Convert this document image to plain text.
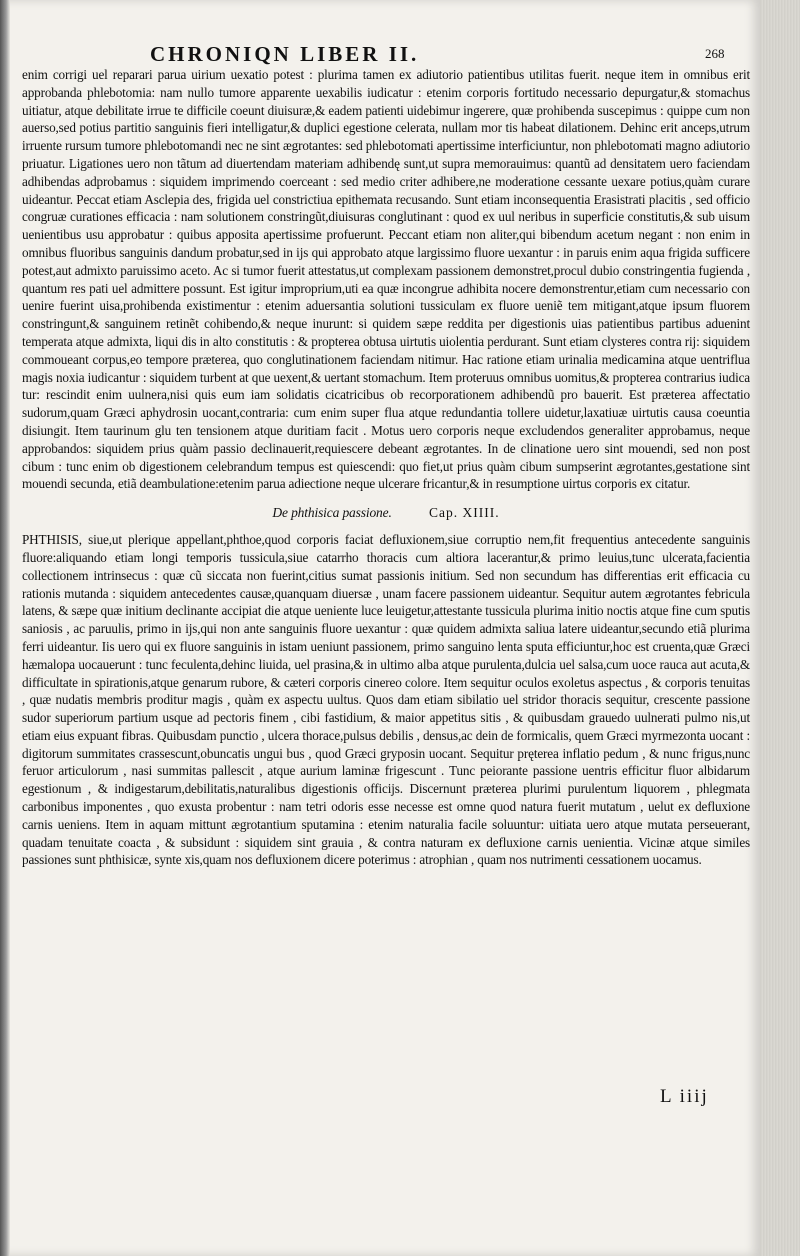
CHRONIQN LIBER II.	268

enim corrigi uel reparari parua uirium uexatio potest : plurima tamen ex adiutorio patientibus utilitas fuerit. neque item in omnibus erit approbanda phlebotomia: nam nullo tumore apparente uexabilis iudicatur : etenim corporis fortitudo necessario depurgatur,& stomachus uitiatur, atque debilitate irrue te difficile coeunt diuisuræ,& eadem patienti uidebimur ingerere, quæ prohibenda suscepimus : quippe cum non auerso,sed potius partitio sanguinis fieri intelligatur,& duplici egestione celerata, nullam mor tis habeat dilationem. Dehinc erit anceps,utrum irruente rursum tumore phlebotomandi nec ne sint ægrotantes: sed phlebotomati apertissime interficiuntur, non phlebotomati magno adiutorio priuatur. Ligationes uero non tãtum ad diuertendam materiam adhibendę sunt,ut supra memorauimus: quantũ ad densitatem uero faciendam adhibendas adprobamus : siquidem imprimendo coerceant : sed medio criter adhibere,ne moderatione cessante uexare potius,quàm curare uideantur. Peccat etiam Asclepia des, frigida uel constrictiua epithemata recusando. Sunt etiam inconsequentia Erasistrati placitis , sed officio congruæ curationes efficacia : nam solutionem constringũt,diuisuras conglutinant : quod ex uul neribus in superficie constitutis,& sub uisum uenientibus usu approbatur : quibus apposita apertissime profuerunt. Peccant etiam non aliter,qui bibendum acetum negant : non enim in omnibus fluoribus sanguinis dandum probatur,sed in ijs qui approbato atque largissimo fluore uexantur : in paruis enim aqua frigida sufficere potest,aut admixto paruissimo aceto. Ac si tumor fuerit attestatus,ut complexam passionem demonstret,procul dubio constringentia fugienda , quantum res pati uel admittere possunt. Est igitur improprium,uti ea quæ incongrue adhibita nocere demonstrentur,etiam cum necessario con uenire fuerint uisa,prohibenda existimentur : etenim aduersantia solutioni tussiculam ex fluore ueniẽ tem mitigant,atque ipsum fluorem constringunt,& sanguinem retinẽt cohibendo,& neque inurunt: si quidem sæpe reddita per digestionis uias patientibus partibus aduenint temperata atque admixta, liqui dis in alto constitutis : & propterea obtusa uirtutis uiolentia perdurant. Sunt etiam clysteres contra rij: siquidem commoueant corpus,eo tempore præterea, quo conglutinationem faciendam nitimur. Hac ratione etiam urinalia medicamina atque uentriflua magis noxia iudicantur : siquidem turbent at que uexent,& uertant stomachum. Item proteruus omnibus uomitus,& propterea contrarius iudica tur: rescindit enim uulnera,nisi quis eum iam solidatis cicatricibus ob recorporationem adhibendũ pro bauerit. Est præterea affectatio sudorum,quam Græci aphydrosin uocant,contraria: cum enim super flua atque redundantia tollere uidetur,laxatiuæ uirtutis causa coeuntia disiungit. Item taurinum glu ten tensionem atque duritiam facit . Motus uero corporis neque excludendos generaliter approbamus, neque approbandos: siquidem prius quàm passio declinauerit,requiescere debeant ægrotantes. In de clinatione uero sint mouendi, sed non post cibum : tunc enim ob digestionem celebrandum tempus est quiescendi: quo fiet,ut prius quàm cibum sumpserint ægrotantes,gestatione sint mouendi secunda, etiã deambulatione:etenim parua adiectione neque ulcerare fricantur,& in resumptione uirtus corporis ex citatur.

De phthisica passione.	Cap. XIIII.

PHTHISIS, siue,ut plerique appellant,phthoe,quod corporis faciat defluxionem,siue corruptio nem,fit frequentius antecedente sanguinis fluore:aliquando etiam longi temporis tussicula,siue catarrho thoracis cum altiora lacerantur,& primo leuius,tunc ulcerata,facientia collectionem intrinsecus : quæ cũ siccata non fuerint,citius sumat passionis initium. Sed non secundum has differentias erit efficacia cu rationis mutanda : siquidem antecedentes causæ,quanquam diuersæ , unam facere passionem uideantur. Sequitur autem ægrotantes febricula latens, & sæpe quæ initium declinante accipiat die atque ueniente luce leuigetur,attestante tussicula plurima initio noctis atque fine cum sputis saniosis , ac paruulis, primo in ijs,qui non ante sanguinis fluore uexantur : quæ quidem admixta saliua latere uideantur,secundo etiã plurima ferri uideantur. Iis uero qui ex fluore sanguinis in istam ueniunt passionem, primo sanguino lenta sputa efficiuntur,hoc est cruenta,quæ Græci hæmalopa uocauerunt : tunc feculenta,dehinc liuida, uel prasina,& in ultimo alba atque purulenta,dulcia uel salsa,cum uoce rauca aut acuta,& difficultate in spirationis,atque genarum rubore, & cæteri corporis cinereo colore. Item sequitur oculos exoletus aspectus , & corporis tenuitas , quæ nudatis membris proditur magis , quàm ex aspectu uultus. Quos dam etiam sibilatio uel stridor thoracis sequitur, crescente passione sudor superiorum partium usque ad pectoris finem , cibi fastidium, & maior appetitus sitis , & quibusdam grauedo uulnerati pulmo nis,ut etiam eius expuant fibras. Quibusdam punctio , ulcera thorace,pulsus debilis , densus,ac dein de formicalis, quem Græci myrmezonta uocant : digitorum summitates crassescunt,obuncatis ungui bus , quod Græci gryposin uocant. Sequitur pręterea inflatio pedum , & nunc frigus,nunc feruor articulorum , nasi summitas pallescit , atque aurium laminæ frigescunt . Tunc peiorante passione uentris efficitur fluor albidarum egestionum , & indigestarum,debilitatis,naturalibus digestionis officijs. Discernunt præterea plurimi purulentum liquorem , phlegmata carbonibus imponentes , quo exusta probentur : nam tetri odoris esse necesse est omne quod natura fuerit mutatum , uelut ex defluxione carnis ueniens. Item in aquam mittunt ægrotantium sputamina : etenim naturalia facile soluuntur: uitiata uero atque mutata perseuerant, quadam tenuitate coacta , & subsidunt : siquidem sint grauia , & contra naturam ex defluxione carnis uenientia. Vicinæ atque similes passiones sunt phthisicæ, synte xis,quam nos defluxionem dicere poterimus : atrophian , quam nos nutrimenti cessationem uocamus.

L iiij
